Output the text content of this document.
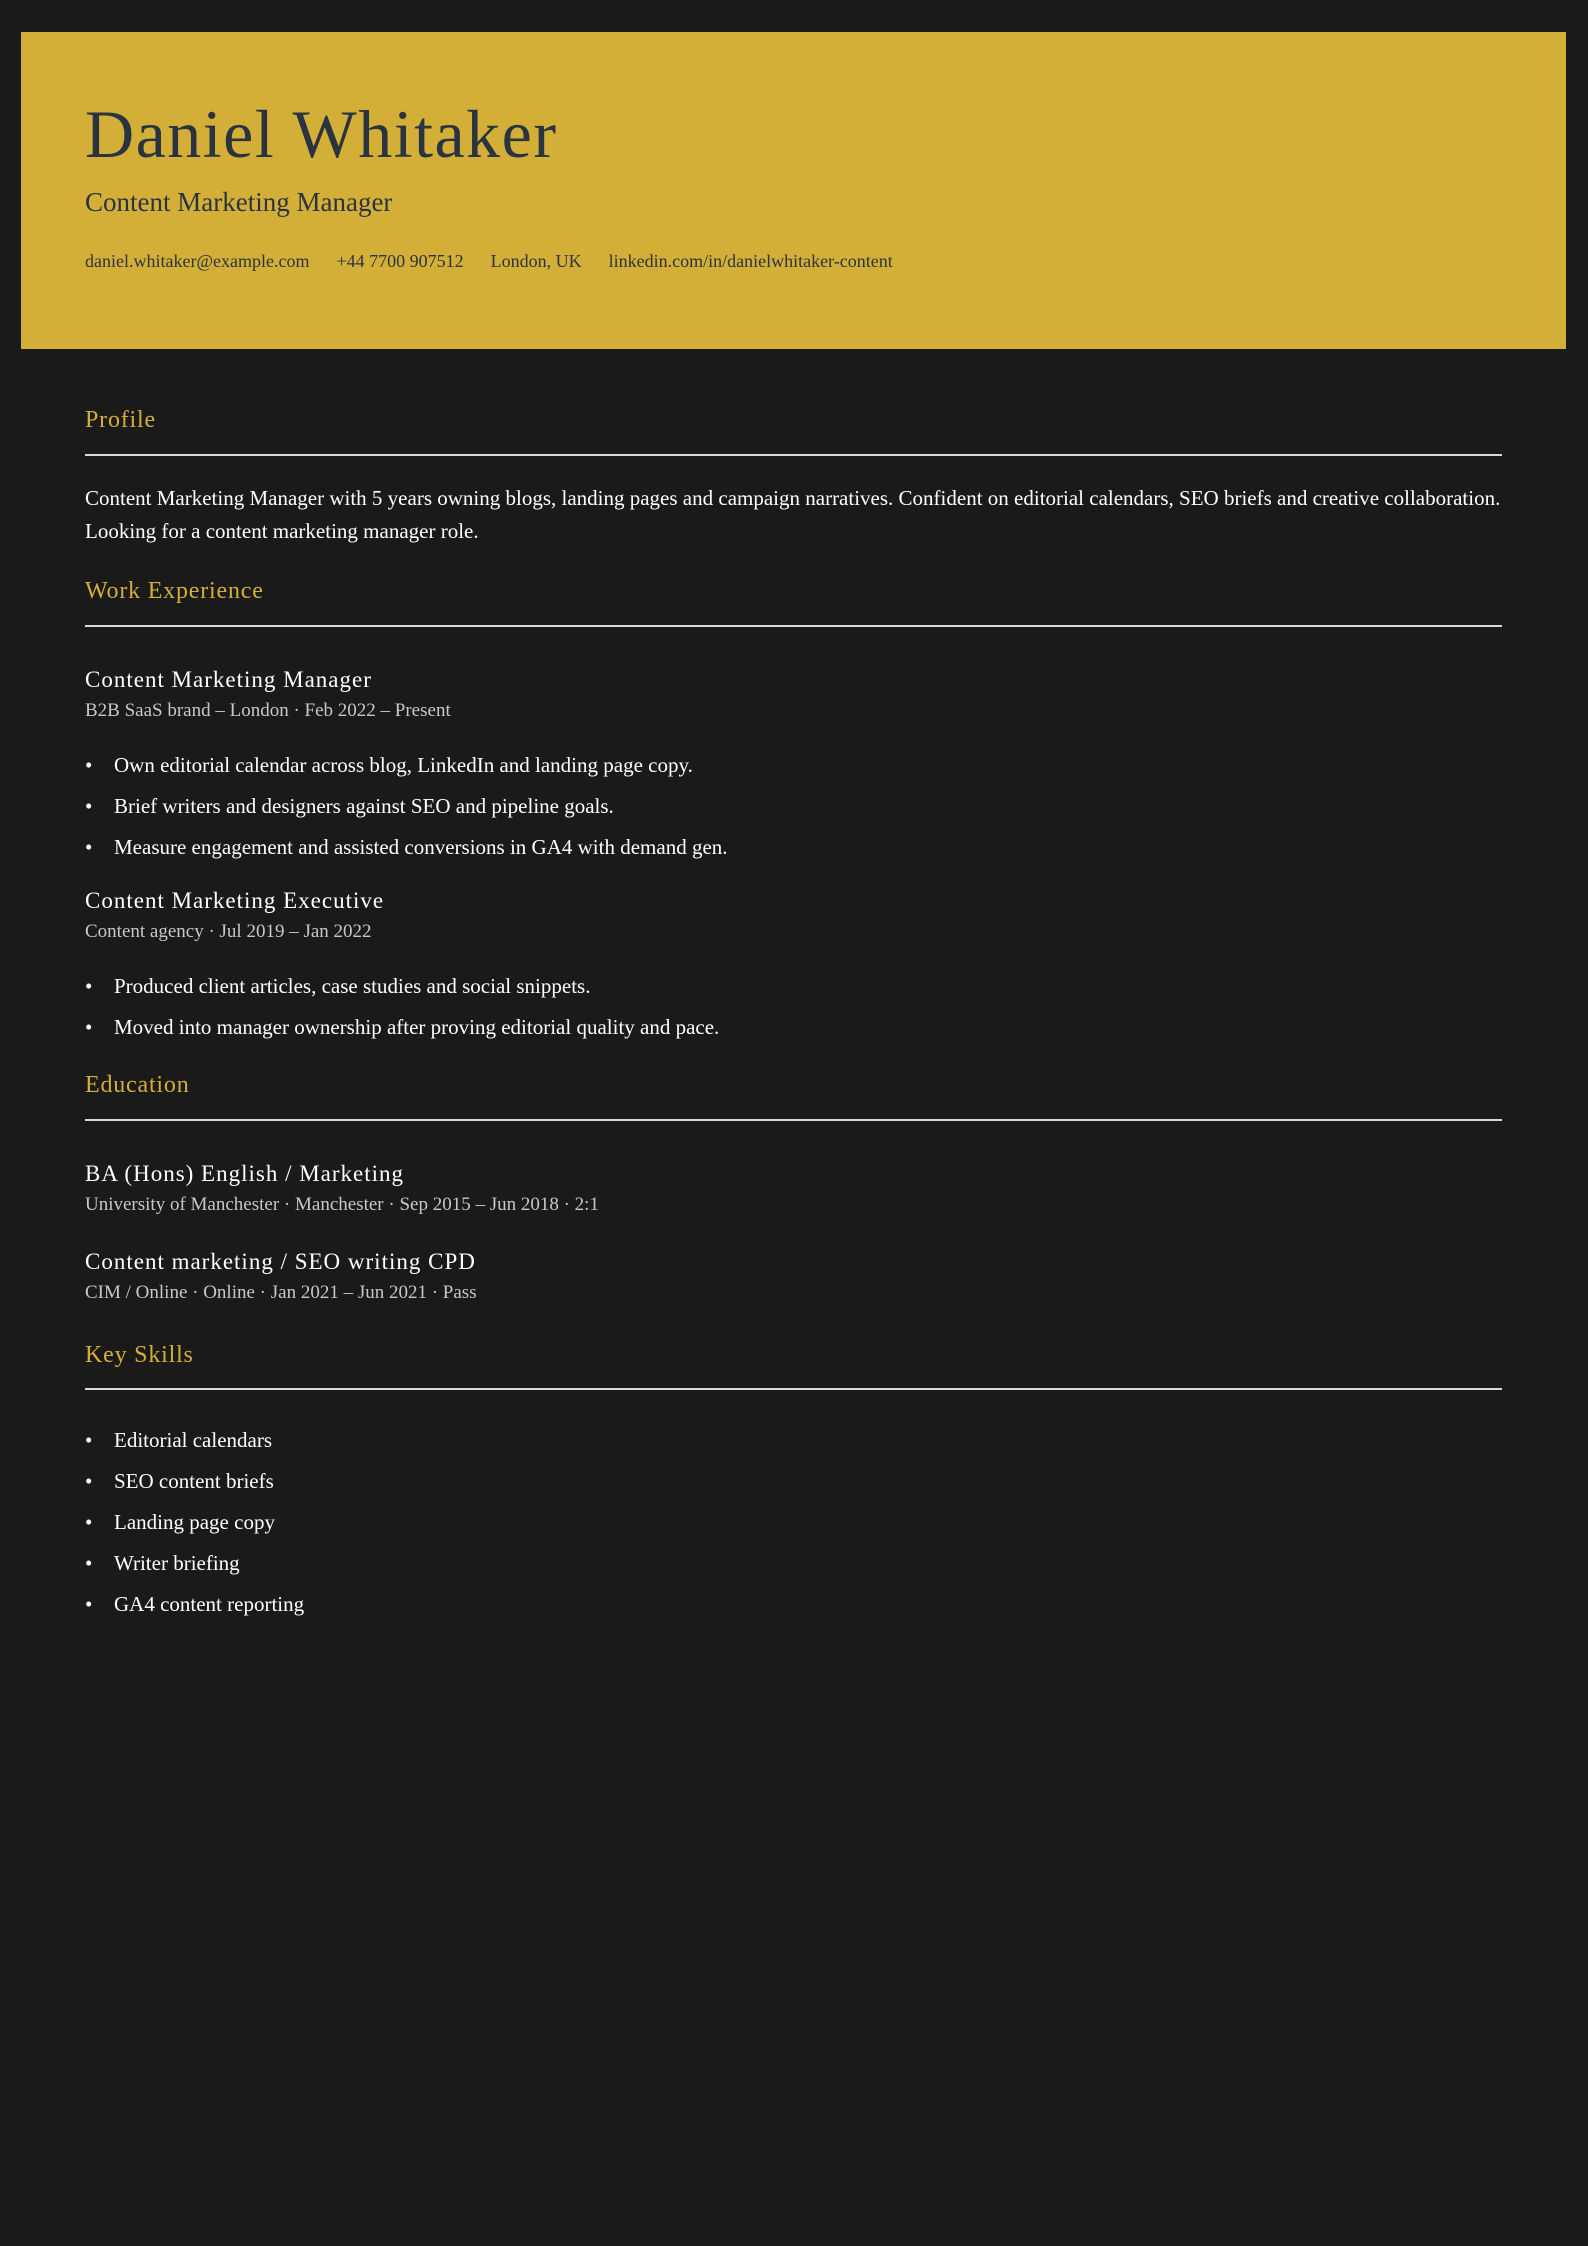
Daniel Whitaker
Content Marketing Manager
daniel.whitaker@example.com +44 7700 907512 London, UK linkedin.com/in/danielwhitaker-content
Profile

Content Marketing Manager with 5 years owning blogs, landing pages and campaign narratives. Confident on editorial calendars, SEO briefs and creative collaboration. Looking for a content marketing manager role.

Work Experience
Content Marketing Manager
B2B SaaS brand – London · Feb 2022 – Present
• Own editorial calendar across blog, LinkedIn and landing page copy.
• Brief writers and designers against SEO and pipeline goals.
• Measure engagement and assisted conversions in GA4 with demand gen.
Content Marketing Executive
Content agency · Jul 2019 – Jan 2022
• Produced client articles, case studies and social snippets.
• Moved into manager ownership after proving editorial quality and pace.
Education
BA (Hons) English / Marketing
University of Manchester · Manchester · Sep 2015 – Jun 2018 · 2:1
Content marketing / SEO writing CPD
CIM / Online · Online · Jan 2021 – Jun 2021 · Pass
Key Skills
• Editorial calendars
• SEO content briefs
• Landing page copy
• Writer briefing
• GA4 content reporting
